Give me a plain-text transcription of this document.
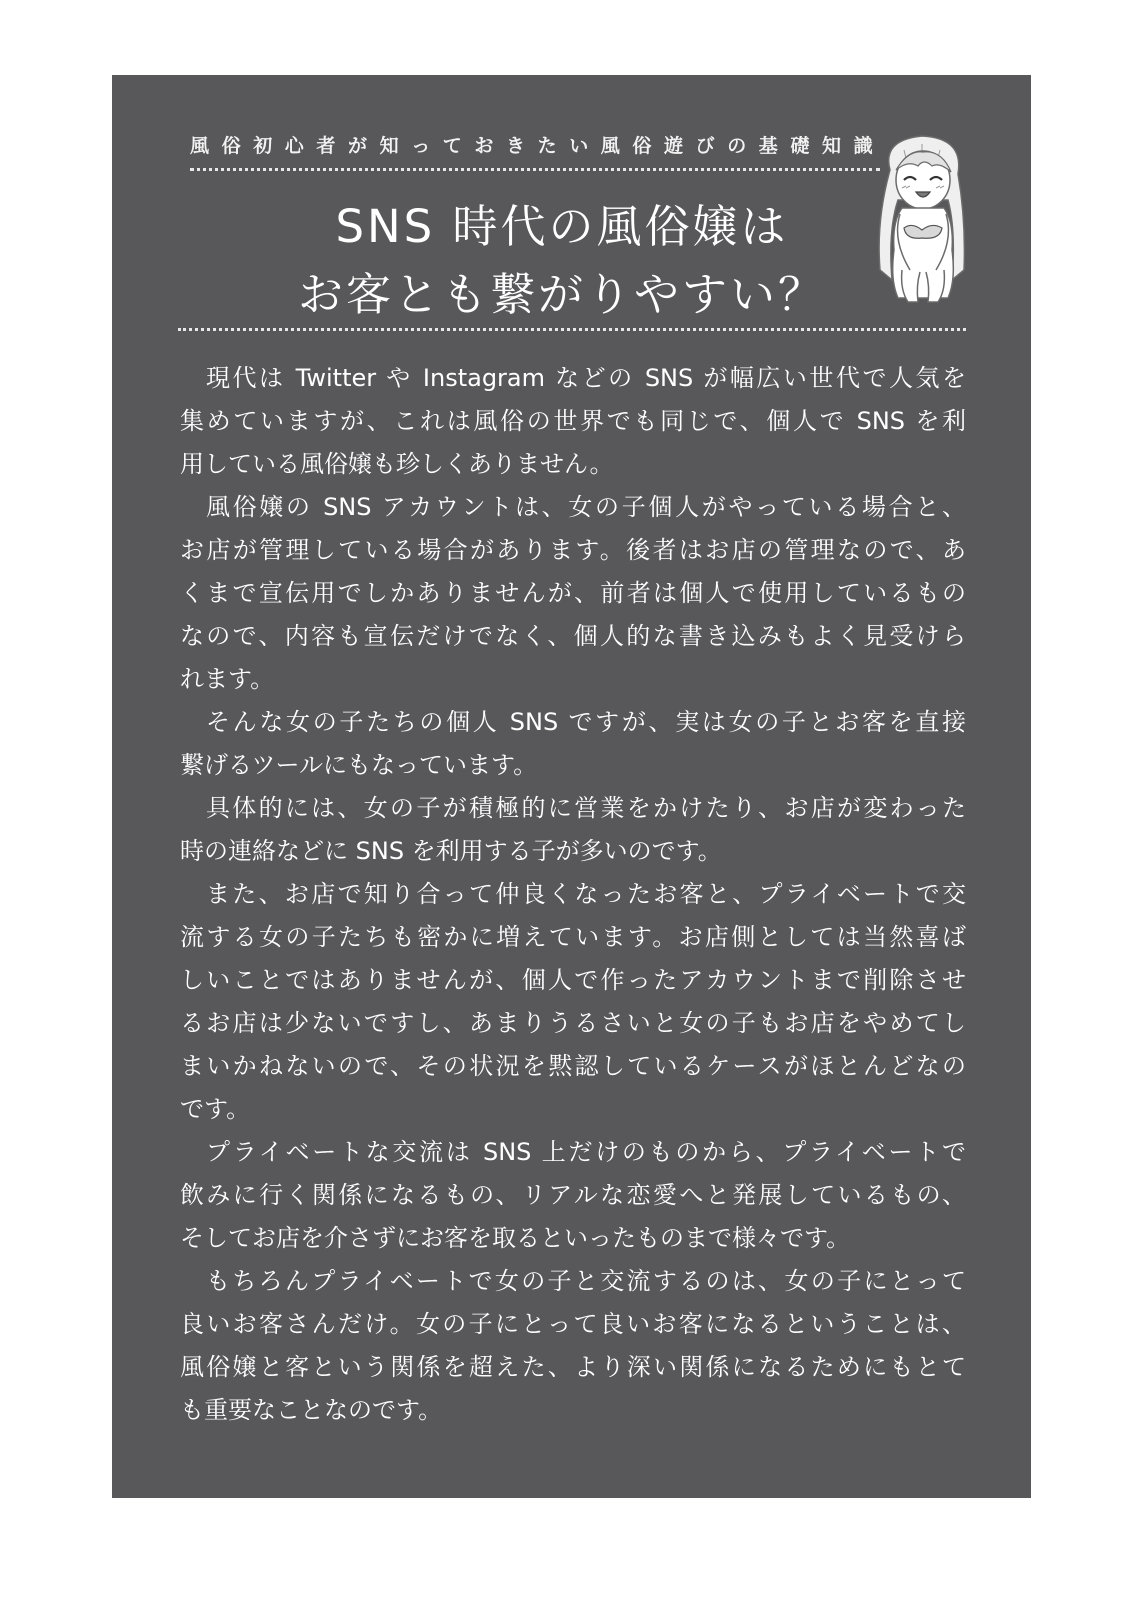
風俗初心者が知っておきたい風俗遊びの基礎知識
SNS 時代の風俗嬢は
お客とも繋がりやすい？
現代は Twitter や Instagram などの SNS が幅広い世代で人気を
集めていますが、これは風俗の世界でも同じで、個人で SNS を利
用している風俗嬢も珍しくありません。
風俗嬢の SNS アカウントは、女の子個人がやっている場合と、
お店が管理している場合があります。後者はお店の管理なので、あ
くまで宣伝用でしかありませんが、前者は個人で使用しているもの
なので、内容も宣伝だけでなく、個人的な書き込みもよく見受けら
れます。
そんな女の子たちの個人 SNS ですが、実は女の子とお客を直接
繋げるツールにもなっています。
具体的には、女の子が積極的に営業をかけたり、お店が変わった
時の連絡などに SNS を利用する子が多いのです。
また、お店で知り合って仲良くなったお客と、プライベートで交
流する女の子たちも密かに増えています。お店側としては当然喜ば
しいことではありませんが、個人で作ったアカウントまで削除させ
るお店は少ないですし、あまりうるさいと女の子もお店をやめてし
まいかねないので、その状況を黙認しているケースがほとんどなの
です。
プライベートな交流は SNS 上だけのものから、プライベートで
飲みに行く関係になるもの、リアルな恋愛へと発展しているもの、
そしてお店を介さずにお客を取るといったものまで様々です。
もちろんプライベートで女の子と交流するのは、女の子にとって
良いお客さんだけ。女の子にとって良いお客になるということは、
風俗嬢と客という関係を超えた、より深い関係になるためにもとて
も重要なことなのです。
